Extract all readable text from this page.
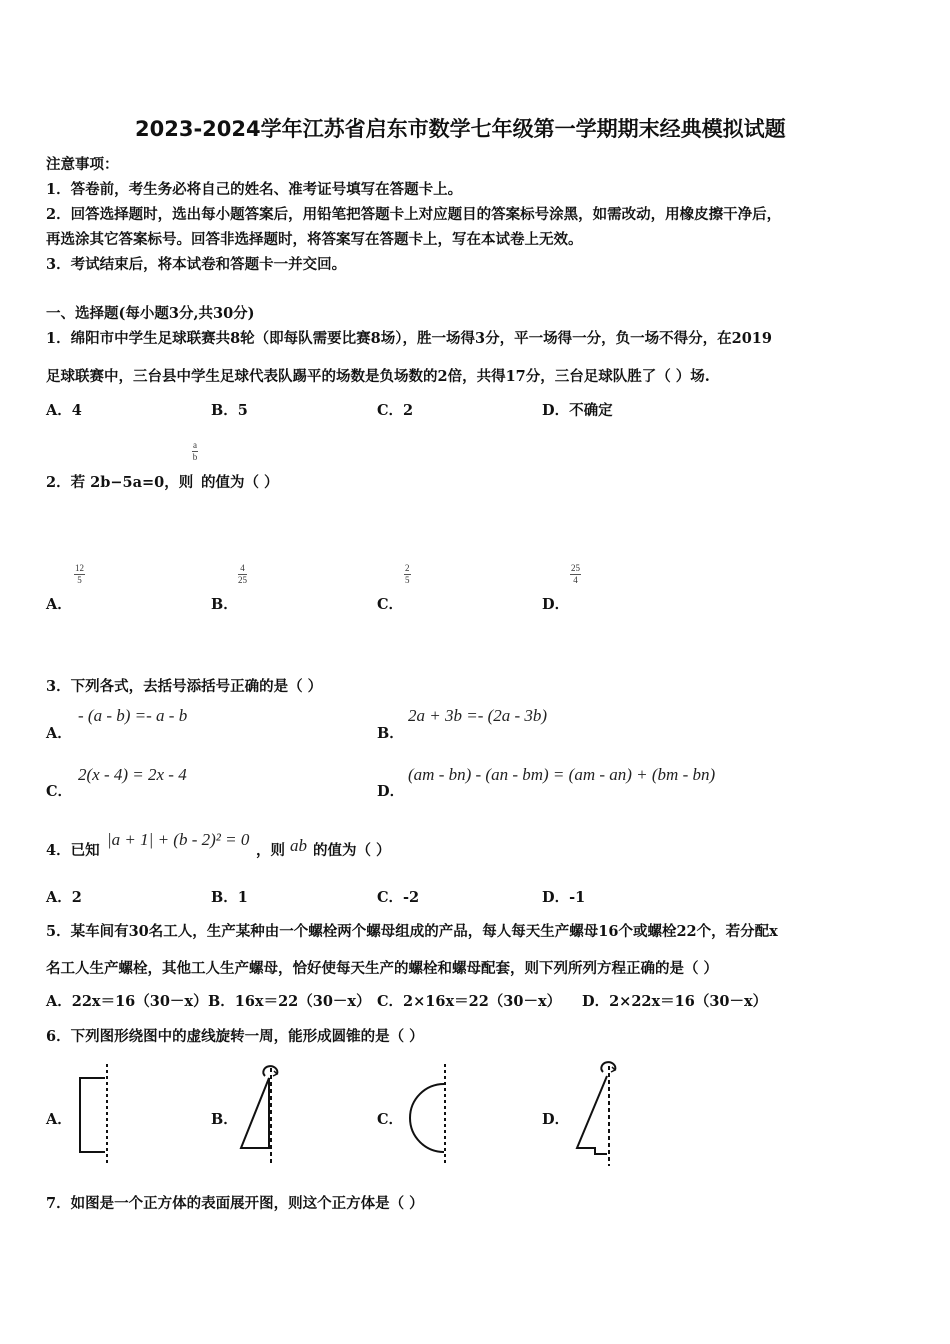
2023-2024学年江苏省启东市数学七年级第一学期期末经典模拟试题
注意事项：
1．答卷前，考生务必将自己的姓名、准考证号填写在答题卡上。
2．回答选择题时，选出每小题答案后，用铅笔把答题卡上对应题目的答案标号涂黑，如需改动，用橡皮擦干净后，
再选涂其它答案标号。回答非选择题时，将答案写在答题卡上，写在本试卷上无效。
3．考试结束后，将本试卷和答题卡一并交回。
一、选择题(每小题3分,共30分)
1．绵阳市中学生足球联赛共8轮（即每队需要比赛8场），胜一场得3分，平一场得一分，负一场不得分，在2019
足球联赛中，三台县中学生足球代表队踢平的场数是负场数的2倍，共得17分，三台足球队胜了（ ）场.
A．4	B．5	C．2	D．不确定
2．若 2b−5a=0，则
$\frac{a}{b}$
的值为（ ）
A．
$\frac{12}{5}$
B．
$\frac{4}{25}$
C．
$\frac{2}{5}$
D．
$\frac{25}{4}$
3．下列各式，去括号添括号正确的是（ ）
A．
- (a - b) =- a - b
B．
2a + 3b =- (2a - 3b)
C．
2(x - 4) = 2x - 4
D．
(am - bn) - (an - bm) = (am - an) + (bm - bn)
4．已知
|a + 1| + (b - 2)² = 0
，则 ab 的值为（ ）
A．2	B．1	C．-2	D．-1
5．某车间有30名工人，生产某种由一个螺栓两个螺母组成的产品，每人每天生产螺母16个或螺栓22个，若分配x
名工人生产螺栓，其他工人生产螺母，恰好使每天生产的螺栓和螺母配套，则下列所列方程正确的是（ ）
A．22x＝16（30－x） B．16x＝22（30－x） C．2×16x＝22（30－x） D．2×22x＝16（30－x）
6．下列图形绕图中的虚线旋转一周，能形成圆锥的是（ ）
A．	B．	C．	D．
7．如图是一个正方体的表面展开图，则这个正方体是（ ）
